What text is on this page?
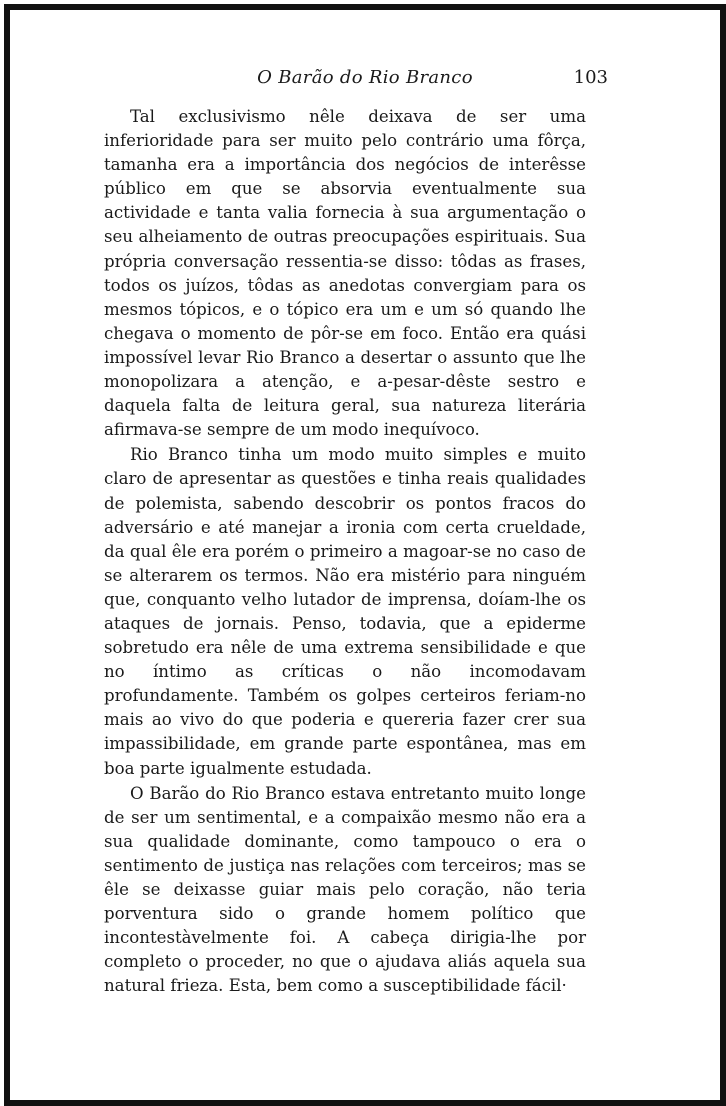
O Barão do Rio Branco	103

Tal exclusivismo nêle deixava de ser uma inferioridade para ser muito pelo contrário uma fôrça, tamanha era a importância dos negócios de interêsse público em que se absorvia eventualmente sua actividade e tanta valia fornecia à sua argumentação o seu alheiamento de outras preocupações espirituais. Sua própria conversação ressentia-se disso: tôdas as frases, todos os juízos, tôdas as anedotas convergiam para os mesmos tópicos, e o tópico era um e um só quando lhe chegava o momento de pôr-se em foco. Então era quási impossível levar Rio Branco a desertar o assunto que lhe monopolizara a atenção, e a-pesar-dêste sestro e daquela falta de leitura geral, sua natureza literária afirmava-se sempre de um modo inequívoco.

Rio Branco tinha um modo muito simples e muito claro de apresentar as questões e tinha reais qualidades de polemista, sabendo descobrir os pontos fracos do adversário e até manejar a ironia com certa crueldade, da qual êle era porém o primeiro a magoar-se no caso de se alterarem os termos. Não era mistério para ninguém que, conquanto velho lutador de imprensa, doíam-lhe os ataques de jornais. Penso, todavia, que a epiderme sobretudo era nêle de uma extrema sensibilidade e que no íntimo as críticas o não incomodavam profundamente. Também os golpes certeiros feriam-no mais ao vivo do que poderia e quereria fazer crer sua impassibilidade, em grande parte espontânea, mas em boa parte igualmente estudada.

O Barão do Rio Branco estava entretanto muito longe de ser um sentimental, e a compaixão mesmo não era a sua qualidade dominante, como tampouco o era o sentimento de justiça nas relações com terceiros; mas se êle se deixasse guiar mais pelo coração, não teria porventura sido o grande homem político que incontestàvelmente foi. A cabeça dirigia-lhe por completo o proceder, no que o ajudava aliás aquela sua natural frieza. Esta, bem como a susceptibilidade fácil·
